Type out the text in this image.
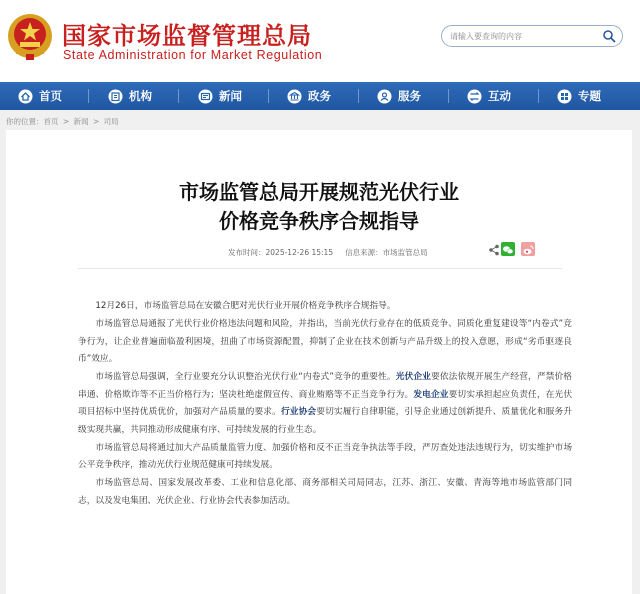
国家市场监督管理总局
State Administration for Market Regulation
请输入要查询的内容
首页	机构	新闻	政务	服务	互动	专题
你的位置：首页 > 新闻 > 司局
市场监管总局开展规范光伏行业
价格竞争秩序合规指导
发布时间：2025-12-26 15:15 信息来源：市场监管总局

12月26日，市场监管总局在安徽合肥对光伏行业开展价格竞争秩序合规指导。

市场监管总局通报了光伏行业价格违法问题和风险，并指出，当前光伏行业存在的低质竞争、同质化重复建设等“内卷式”竞争行为，让企业普遍面临盈利困境，扭曲了市场资源配置，抑制了企业在技术创新与产品升级上的投入意愿，形成“劣币驱逐良币”效应。

市场监管总局强调，全行业要充分认识整治光伏行业“内卷式”竞争的重要性。光伏企业要依法依规开展生产经营，严禁价格串通、价格欺诈等不正当价格行为；坚决杜绝虚假宣传、商业贿赂等不正当竞争行为。发电企业要切实承担起应负责任，在光伏项目招标中坚持优质优价，加强对产品质量的要求。行业协会要切实履行自律职能，引导企业通过创新提升、质量优化和服务升级实现共赢，共同推动形成健康有序、可持续发展的行业生态。

市场监管总局将通过加大产品质量监管力度、加强价格和反不正当竞争执法等手段，严厉查处违法违规行为，切实维护市场公平竞争秩序，推动光伏行业规范健康可持续发展。

市场监管总局、国家发展改革委、工业和信息化部、商务部相关司局同志，江苏、浙江、安徽、青海等地市场监管部门同志，以及发电集团、光伏企业、行业协会代表参加活动。
